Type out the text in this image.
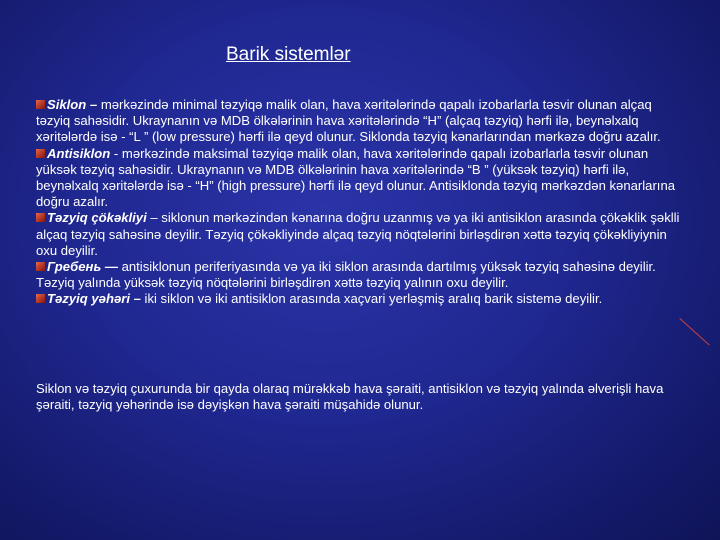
Barik sistemlər

Siklon – mərkəzində minimal təzyiqə malik olan, hava xəritələrində qapalı izobarlarla təsvir olunan alçaq təzyiq sahəsidir. Ukraynanın və MDB ölkələrinin hava xəritələrində “H” (alçaq təzyiq) hərfi ilə, beynəlxalq xəritələrdə isə - “L ” (low pressure) hərfi ilə qeyd olunur. Siklonda təzyiq kənarlarından mərkəzə doğru azalır.

Antisiklon - mərkəzində maksimal təzyiqə malik olan, hava xəritələrində qapalı izobarlarla təsvir olunan yüksək təzyiq sahəsidir. Ukraynanın və MDB ölkələrinin hava xəritələrində “B ” (yüksək təzyiq) hərfi ilə, beynəlxalq xəritələrdə isə - “H” (high pressure) hərfi ilə qeyd olunur. Antisiklonda təzyiq mərkəzdən kənarlarına doğru azalır.

Təzyiq çökəkliyi – siklonun mərkəzindən kənarına doğru uzanmış və ya iki antisiklon arasında çökəklik şəklli alçaq təzyiq sahəsinə deyilir. Təzyiq çökəkliyində alçaq təzyiq nöqtələrini birləşdirən xəttə təzyiq çökəkliyiynin oxu deyilir.

Гребень — antisiklonun periferiyasında və ya iki siklon arasında dartılmış yüksək təzyiq sahəsinə deyilir. Təzyiq yalında yüksək təzyiq nöqtələrini birləşdirən xəttə təzyiq yalının oxu deyilir.

Təzyiq yəhəri – iki siklon və iki antisiklon arasında xaçvari yerləşmiş aralıq barik sistemə deyilir.

Siklon və təzyiq çuxurunda bir qayda olaraq mürəkkəb hava şəraiti, antisiklon və təzyiq yalında əlverişli hava şəraiti, təzyiq yəhərində isə dəyişkən hava şəraiti müşahidə olunur.
